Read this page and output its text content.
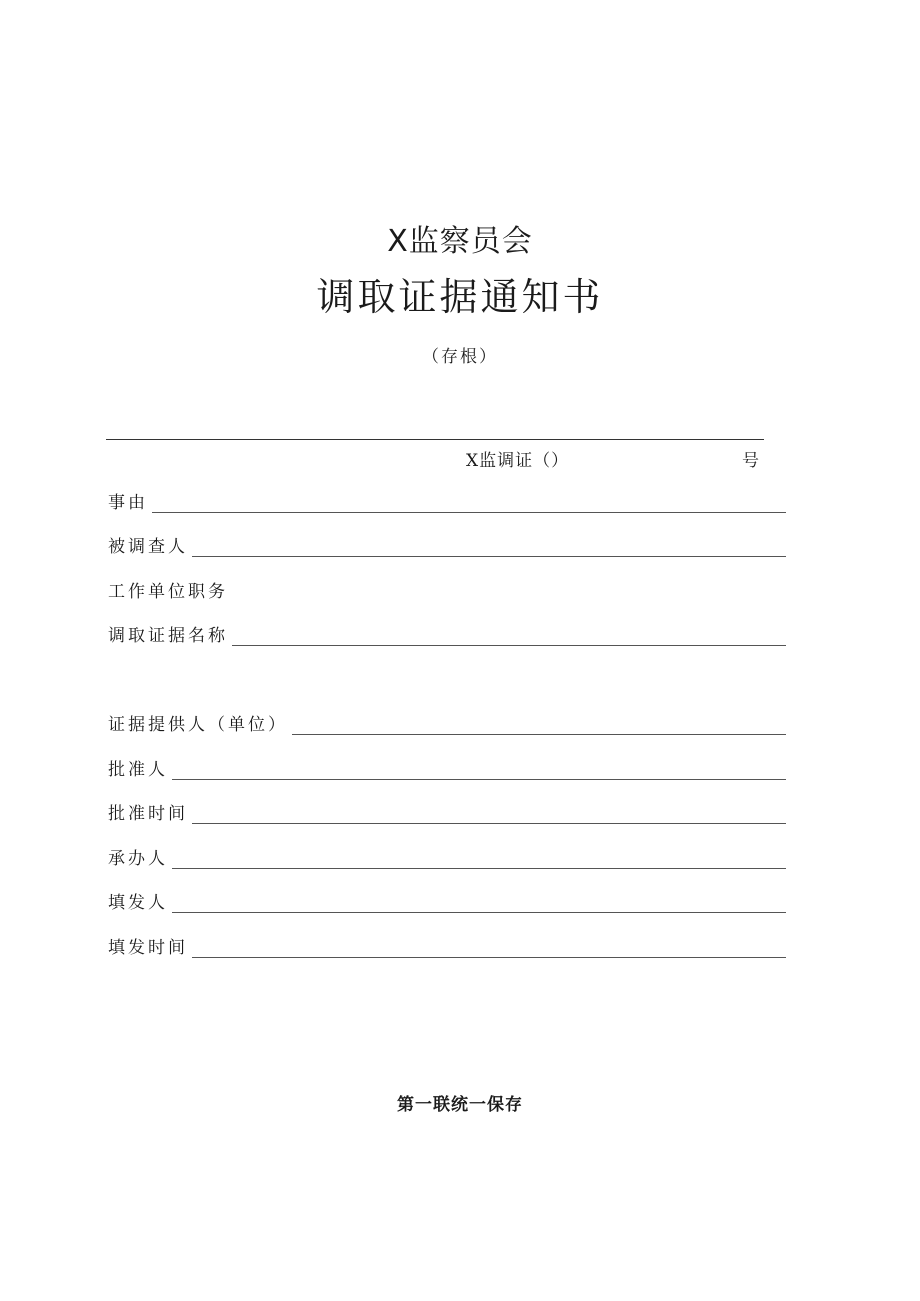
X监察员会
调取证据通知书
（存根）
X监调证（）	号
事由
被调查人
工作单位职务
调取证据名称
证据提供人（单位）
批准人
批准时间
承办人
填发人
填发时间
第一联统一保存
